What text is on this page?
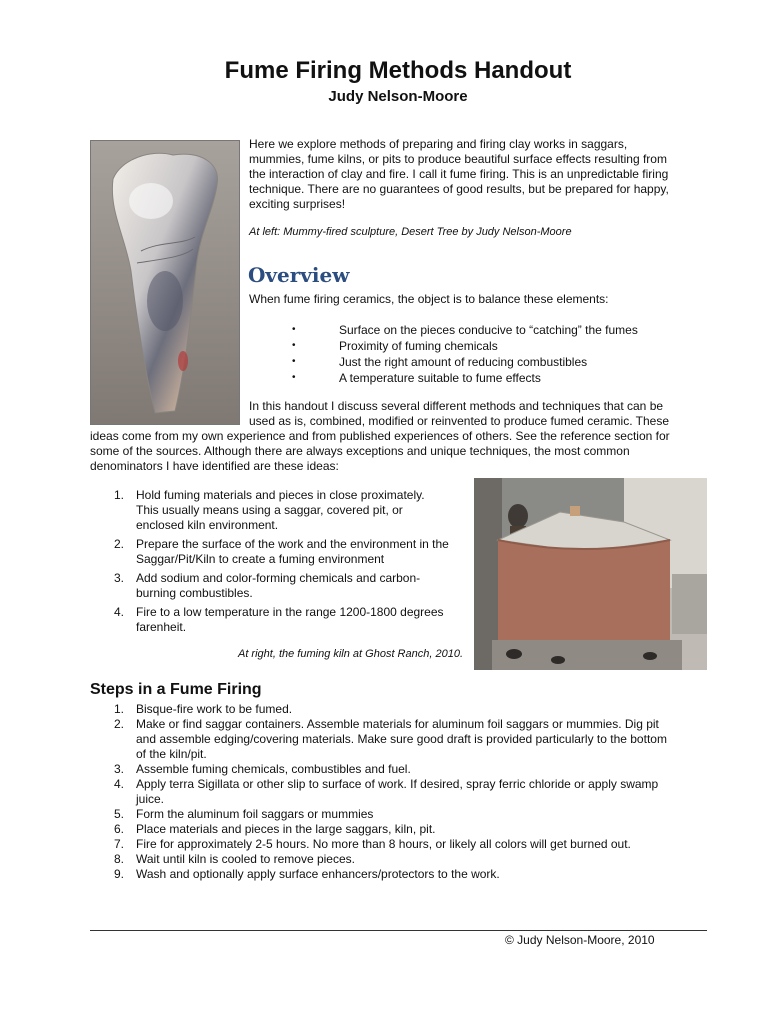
Fume Firing Methods Handout
Judy Nelson-Moore
Here we explore methods of preparing and firing clay works in saggars,
mummies, fume kilns, or pits to produce beautiful surface effects resulting from
the interaction of clay and fire. I call it fume firing. This is an unpredictable firing
technique. There are no guarantees of good results, but be prepared for happy,
exciting surprises!
At left: Mummy-fired sculpture, Desert Tree by Judy Nelson-Moore
Overview
When fume firing ceramics, the object is to balance these elements:
•	Surface on the pieces conducive to “catching” the fumes
•	Proximity of fuming chemicals
•	Just the right amount of reducing combustibles
•	A temperature suitable to fume effects
In this handout I discuss several different methods and techniques that can be
used as is, combined, modified or reinvented to produce fumed ceramic. These
ideas come from my own experience and from published experiences of others. See the reference section for
some of the sources. Although there are always exceptions and unique techniques, the most common
denominators I have identified are these ideas:
1. Hold fuming materials and pieces in close proximately.
This usually means using a saggar, covered pit, or
enclosed kiln environment.
2. Prepare the surface of the work and the environment in the
Saggar/Pit/Kiln to create a fuming environment
3. Add sodium and color-forming chemicals and carbon-
burning combustibles.
4. Fire to a low temperature in the range 1200-1800 degrees
farenheit.
At right, the fuming kiln at Ghost Ranch, 2010.
Steps in a Fume Firing
1. Bisque-fire work to be fumed.
2. Make or find saggar containers. Assemble materials for aluminum foil saggars or mummies. Dig pit
and assemble edging/covering materials. Make sure good draft is provided particularly to the bottom
of the kiln/pit.
3. Assemble fuming chemicals, combustibles and fuel.
4. Apply terra Sigillata or other slip to surface of work. If desired, spray ferric chloride or apply swamp
juice.
5. Form the aluminum foil saggars or mummies
6. Place materials and pieces in the large saggars, kiln, pit.
7. Fire for approximately 2-5 hours. No more than 8 hours, or likely all colors will get burned out.
8. Wait until kiln is cooled to remove pieces.
9. Wash and optionally apply surface enhancers/protectors to the work.
© Judy Nelson-Moore, 2010
